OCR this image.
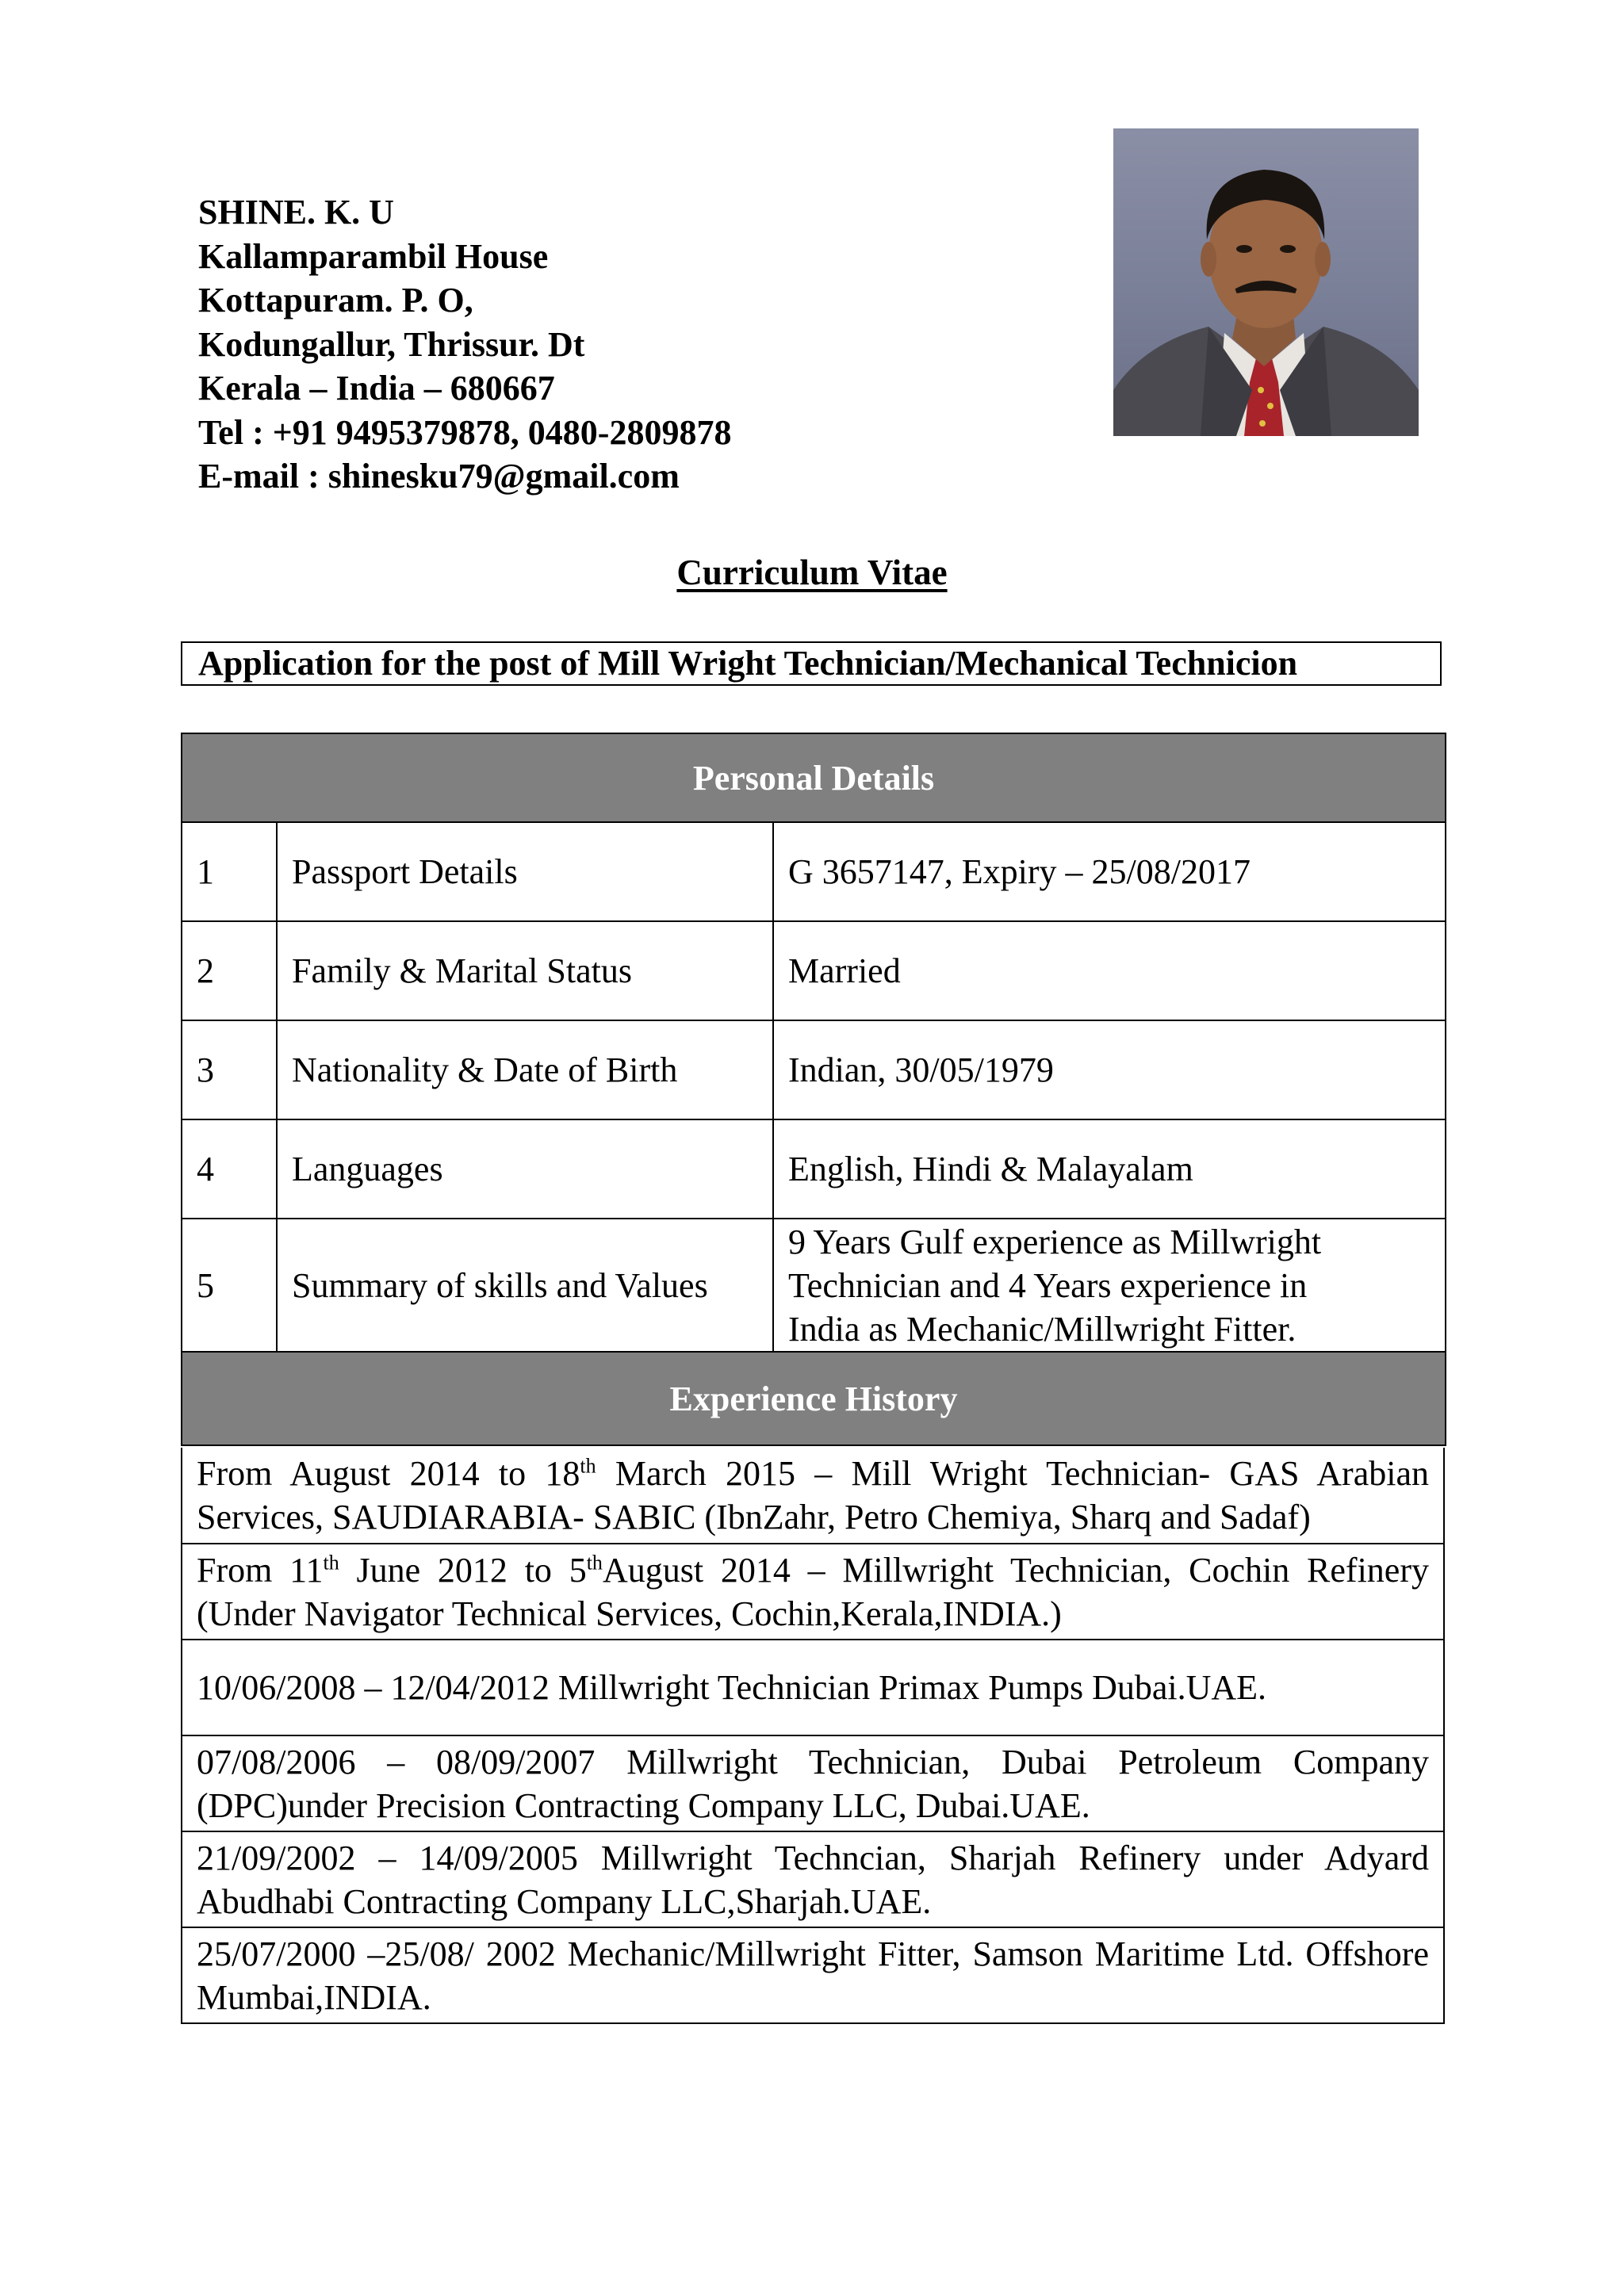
SHINE. K. U
Kallamparambil House
Kottapuram. P. O,
Kodungallur, Thrissur. Dt
Kerala – India – 680667
Tel : +91 9495379878, 0480-2809878
E-mail : shinesku79@gmail.com
Curriculum Vitae
Application for the post of Mill Wright Technician/Mechanical Technicion
Personal Details		
1	Passport Details	G 3657147, Expiry – 25/08/2017
2	Family & Marital Status	Married
3	Nationality & Date of Birth	Indian, 30/05/1979
4	Languages	English, Hindi & Malayalam
5	Summary of skills and Values	9 Years Gulf experience as Millwright
Technician and 4 Years experience in
India as Mechanic/Millwright Fitter.

Experience History		
From August 2014 to 18th March 2015 – Mill Wright Technician- GAS Arabian Services, SAUDIARABIA- SABIC (IbnZahr, Petro Chemiya, Sharq and Sadaf)
From 11th June 2012 to 5thAugust 2014 – Millwright Technician, Cochin Refinery (Under Navigator Technical Services, Cochin,Kerala,INDIA.)
10/06/2008 – 12/04/2012 Millwright Technician Primax Pumps Dubai.UAE.
07/08/2006 – 08/09/2007 Millwright Technician, Dubai Petroleum Company (DPC)under Precision Contracting Company LLC, Dubai.UAE.
21/09/2002 – 14/09/2005 Millwright Techncian, Sharjah Refinery under Adyard Abudhabi Contracting Company LLC,Sharjah.UAE.
25/07/2000 –25/08/ 2002 Mechanic/Millwright Fitter, Samson Maritime Ltd. Offshore Mumbai,INDIA.
